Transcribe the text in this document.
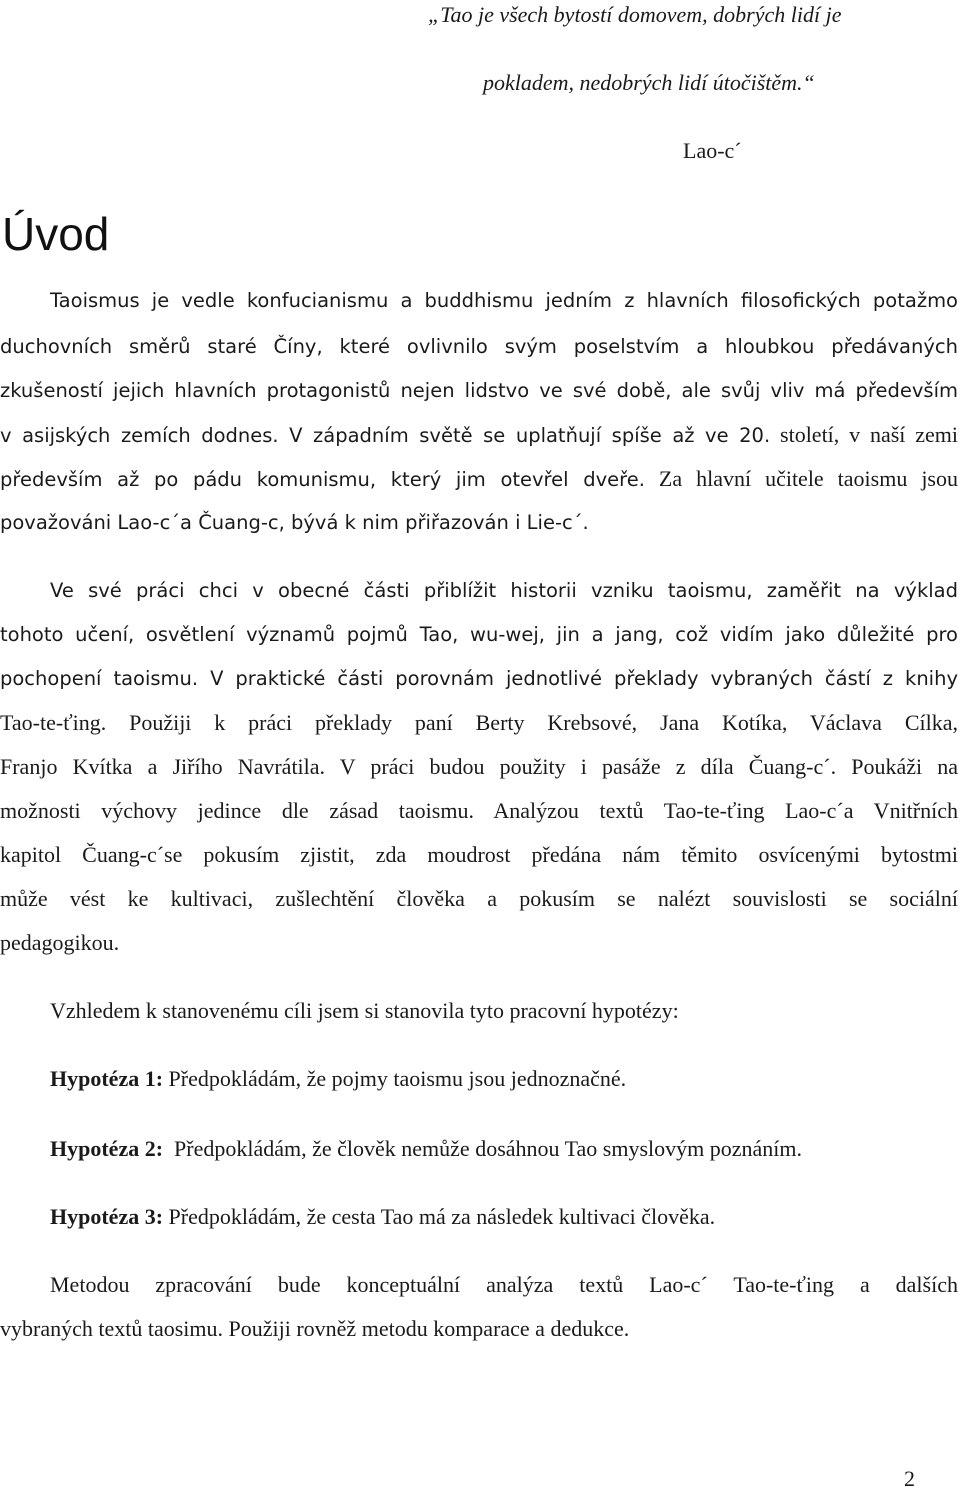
„Tao je všech bytostí domovem, dobrých lidí je
pokladem, nedobrých lidí útočištěm.“
Lao-c´
Úvod
Taoismus je vedle konfucianismu a buddhismu jedním z hlavních filosofických potažmo
duchovních směrů staré Číny, které ovlivnilo svým poselstvím a hloubkou předávaných
zkušeností jejich hlavních protagonistů nejen lidstvo ve své době, ale svůj vliv má především
v asijských zemích dodnes. V západním světě se uplatňují spíše až ve 20. století, v naší zemi
především až po pádu komunismu, který jim otevřel dveře. Za hlavní učitele taoismu jsou
považováni Lao-c´a Čuang-c, bývá k nim přiřazován i Lie-c´.
Ve své práci chci v obecné části přiblížit historii vzniku taoismu, zaměřit na výklad
tohoto učení, osvětlení významů pojmů Tao, wu-wej, jin a jang, což vidím jako důležité pro
pochopení taoismu. V praktické části porovnám jednotlivé překlady vybraných částí z knihy
Tao-te-ťing. Použiji k práci překlady paní Berty Krebsové, Jana Kotíka, Václava Cílka,
Franjo Kvítka a Jiřího Navrátila. V práci budou použity i pasáže z díla Čuang-c´. Poukáži na
možnosti výchovy jedince dle zásad taoismu. Analýzou textů Tao-te-ťing Lao-c´a Vnitřních
kapitol Čuang-c´se pokusím zjistit, zda moudrost předána nám těmito osvícenými bytostmi
může vést ke kultivaci, zušlechtění člověka a pokusím se nalézt souvislosti se sociální
pedagogikou.
Vzhledem k stanovenému cíli jsem si stanovila tyto pracovní hypotézy:
Hypotéza 1: Předpokládám, že pojmy taoismu jsou jednoznačné.
Hypotéza 2:  Předpokládám, že člověk nemůže dosáhnou Tao smyslovým poznáním.
Hypotéza 3: Předpokládám, že cesta Tao má za následek kultivaci člověka.
Metodou zpracování bude konceptuální analýza textů Lao-c´ Tao-te-ťing a dalších
vybraných textů taosimu. Použiji rovněž metodu komparace a dedukce.
2
